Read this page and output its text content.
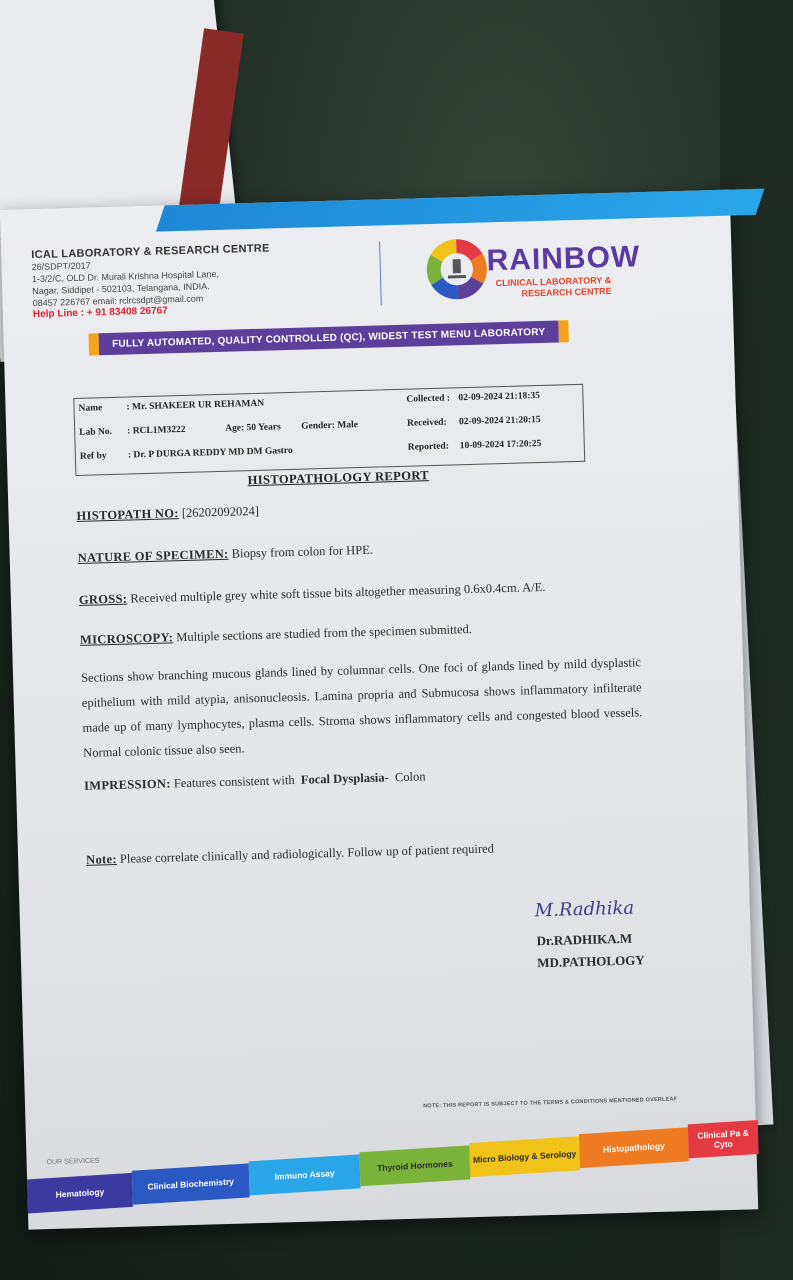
ICAL LABORATORY & RESEARCH CENTRE
26/SDPT/2017
1-3/2/C, OLD Dr. Murali Krishna Hospital Lane,
Nagar, Siddipet - 502103, Telangana, INDIA.
08457 226767 email: rclrcsdpt@gmail.com
Help Line : + 91 83408 26767
RAINBOW
CLINICAL LABORATORY &
RESEARCH CENTRE
FULLY AUTOMATED, QUALITY CONTROLLED (QC), WIDEST TEST MENU LABORATORY
Name	: Mr. SHAKEER UR REHAMAN	Collected : 02-09-2024 21:18:35
Lab No. : RCL1M3222	Age: 50 Years Gender: Male	Received: 02-09-2024 21:20:15
Ref by : Dr. P DURGA REDDY MD DM Gastro	Reported: 10-09-2024 17:20:25
HISTOPATHOLOGY REPORT
HISTOPATH NO: [26202092024]
NATURE OF SPECIMEN: Biopsy from colon for HPE.
GROSS: Received multiple grey white soft tissue bits altogether measuring 0.6x0.4cm. A/E.
MICROSCOPY: Multiple sections are studied from the specimen submitted.
Sections show branching mucous glands lined by columnar cells. One foci of glands lined by mild dysplastic epithelium with mild atypia, anisonucleosis. Lamina propria and Submucosa shows inflammatory infilterate made up of many lymphocytes, plasma cells. Stroma shows inflammatory cells and congested blood vessels. Normal colonic tissue also seen.
IMPRESSION: Features consistent with Focal Dysplasia- Colon
Note: Please correlate clinically and radiologically. Follow up of patient required
M.Radhika
Dr.RADHIKA.M
MD.PATHOLOGY
NOTE: THIS REPORT IS SUBJECT TO THE TERMS & CONDITIONS MENTIONED OVERLEAF
OUR SERVICES
Hematology
Clinical Biochemistry
Immuno Assay
Thyroid Hormones
Micro Biology & Serology
Histopathology
Clinical Pa & Cyto
